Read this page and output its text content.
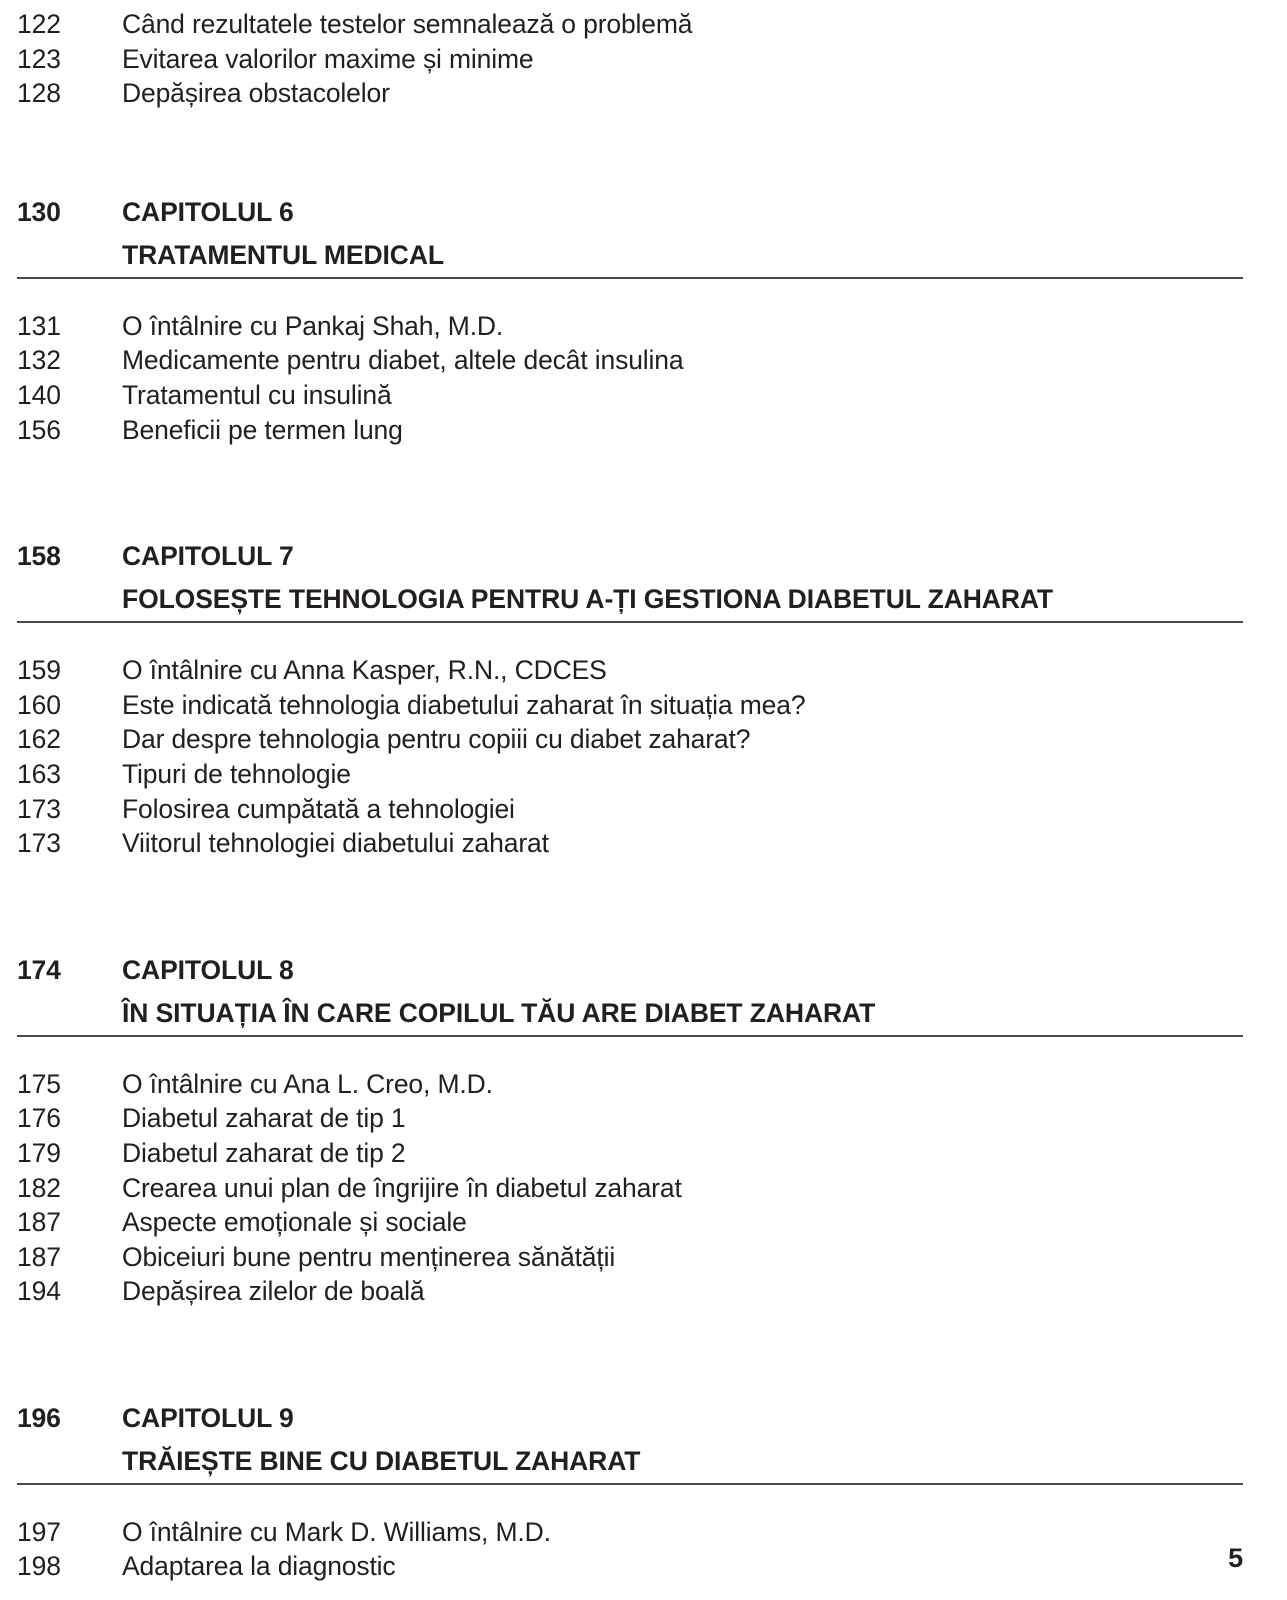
122	Când rezultatele testelor semnalează o problemă
123	Evitarea valorilor maxime și minime
128	Depășirea obstacolelor
130	CAPITOLUL 6
TRATAMENTUL MEDICAL
131	O întâlnire cu Pankaj Shah, M.D.
132	Medicamente pentru diabet, altele decât insulina
140	Tratamentul cu insulină
156	Beneficii pe termen lung
158	CAPITOLUL 7
FOLOSEȘTE TEHNOLOGIA PENTRU A-ȚI GESTIONA DIABETUL ZAHARAT
159	O întâlnire cu Anna Kasper, R.N., CDCES
160	Este indicată tehnologia diabetului zaharat în situația mea?
162	Dar despre tehnologia pentru copiii cu diabet zaharat?
163	Tipuri de tehnologie
173	Folosirea cumpătată a tehnologiei
173	Viitorul tehnologiei diabetului zaharat
174	CAPITOLUL 8
ÎN SITUAȚIA ÎN CARE COPILUL TĂU ARE DIABET ZAHARAT
175	O întâlnire cu Ana L. Creo, M.D.
176	Diabetul zaharat de tip 1
179	Diabetul zaharat de tip 2
182	Crearea unui plan de îngrijire în diabetul zaharat
187	Aspecte emoționale și sociale
187	Obiceiuri bune pentru menținerea sănătății
194	Depășirea zilelor de boală
196	CAPITOLUL 9
TRĂIEȘTE BINE CU DIABETUL ZAHARAT
197	O întâlnire cu Mark D. Williams, M.D.
198	Adaptarea la diagnostic	5
